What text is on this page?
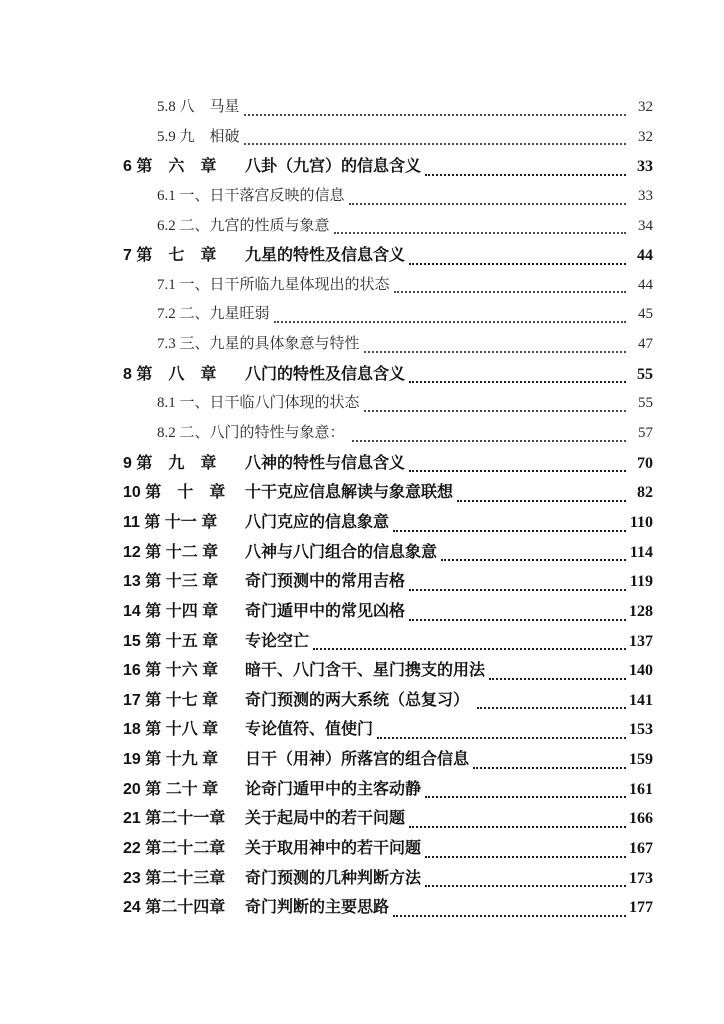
5.8 八　马星	32
5.9 九　相破	32
6 第　六　章	八卦（九宫）的信息含义	33
6.1 一、日干落宫反映的信息	33
6.2 二、九宫的性质与象意	34
7 第　七　章	九星的特性及信息含义	44
7.1 一、日干所临九星体现出的状态	44
7.2 二、九星旺弱	45
7.3 三、九星的具体象意与特性	47
8 第　八　章	八门的特性及信息含义	55
8.1 一、日干临八门体现的状态	55
8.2 二、八门的特性与象意：	57
9 第　九　章	八神的特性与信息含义	70
10 第　十　章	十干克应信息解读与象意联想	82
11 第 十一 章	八门克应的信息象意	110
12 第 十二 章	八神与八门组合的信息象意	114
13 第 十三 章	奇门预测中的常用吉格	119
14 第 十四 章	奇门遁甲中的常见凶格	128
15 第 十五 章	专论空亡	137
16 第 十六 章	暗干、八门含干、星门携支的用法	140
17 第 十七 章	奇门预测的两大系统（总复习）	141
18 第 十八 章	专论值符、值使门	153
19 第 十九 章	日干（用神）所落宫的组合信息	159
20 第 二十 章	论奇门遁甲中的主客动静	161
21 第二十一章	关于起局中的若干问题	166
22 第二十二章	关于取用神中的若干问题	167
23 第二十三章	奇门预测的几种判断方法	173
24 第二十四章	奇门判断的主要思路	177
